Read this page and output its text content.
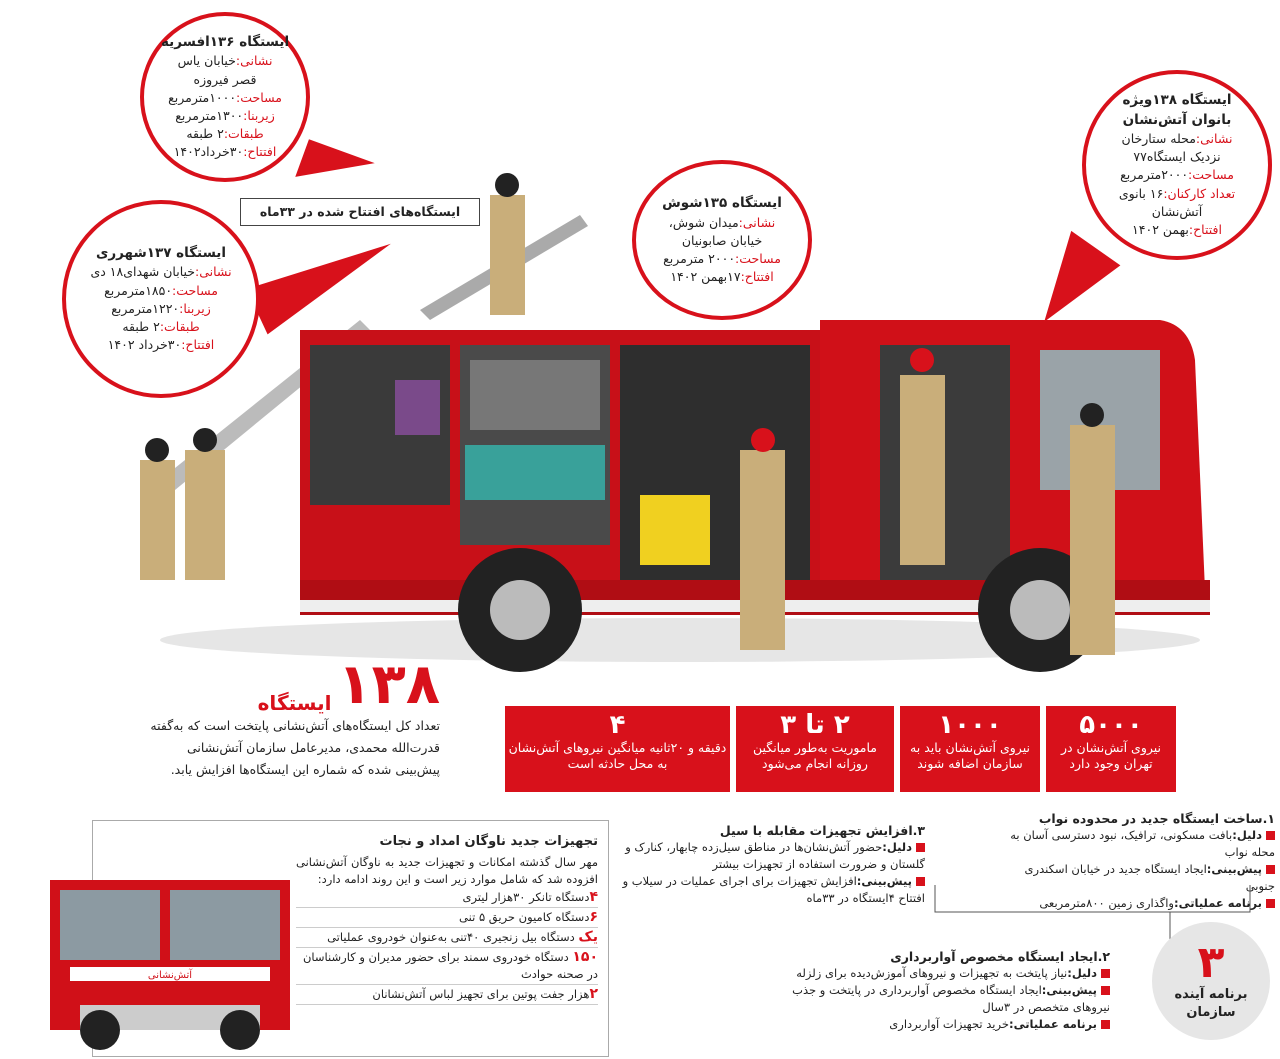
ایستگاه‌های افتتاح شده در ۳۳ماه
ایستگاه ۱۳۶افسریه
نشانی:خیابان یاس
قصر فیروزه
مساحت:۱۰۰۰مترمربع
زیربنا:۱۳۰۰مترمربع
طبقات:۲ طبقه
افتتاح:۳۰خرداد۱۴۰۲
ایستگاه ۱۳۷شهرری
نشانی:خیابان شهدای۱۸ دی
مساحت:۱۸۵۰مترمربع
زیربنا:۱۲۲۰مترمربع
طبقات:۲ طبقه
افتتاح:۳۰خرداد ۱۴۰۲
ایستگاه ۱۳۵شوش
نشانی:میدان شوش،
خیابان صابونیان
مساحت:۲۰۰۰ مترمربع
افتتاح:۱۷بهمن ۱۴۰۲
ایستگاه ۱۳۸ویژه
بانوان آتش‌نشان
نشانی:محله ستارخان
نزدیک ایستگاه۷۷
مساحت:۲۰۰۰مترمربع
تعداد کارکنان:۱۶ بانوی
آتش‌نشان
افتتاح:بهمن ۱۴۰۲
۱۳۸
ایستگاه
تعداد کل ایستگاه‌های آتش‌نشانی پایتخت است که به‌گفته قدرت‌الله محمدی، مدیرعامل سازمان آتش‌نشانی پیش‌بینی شده که شماره این ایستگاه‌ها افزایش یابد.
۵۰۰۰
نیروی آتش‌نشان در تهران وجود دارد
۱۰۰۰
نیروی آتش‌نشان باید به سازمان اضافه شوند
۲ تا ۳
ماموریت به‌طور میانگین روزانه انجام می‌شود
۴
دقیقه و ۲۰ثانیه میانگین نیروهای آتش‌نشان به محل حادثه است
آتش‌نشانی
تجهیزات جدید ناوگان امداد و نجات
مهر سال گذشته امکانات و تجهیزات جدید به ناوگان آتش‌نشانی افزوده شد که شامل موارد زیر است و این روند ادامه دارد:
۴دستگاه تانکر ۳۰هزار لیتری
۶دستگاه کامیون حریق ۵ تنی
یک دستگاه بیل زنجیری ۴۰تنی به‌عنوان خودروی عملیاتی
۱۵۰ دستگاه خودروی سمند برای حضور مدیران و کارشناسان در صحنه حوادث
۲هزار جفت پوتین برای تجهیز لباس آتش‌نشانان
۱.ساخت ایستگاه جدید در محدوده نواب
دلیل:بافت مسکونی، ترافیک، نبود دسترسی آسان به محله نواب
پیش‌بینی:ایجاد ایستگاه جدید در خیابان اسکندری جنوبی
برنامه عملیاتی:واگذاری زمین ۸۰۰مترمربعی
۳.افزایش تجهیزات مقابله با سیل
دلیل:حضور آتش‌نشان‌ها در مناطق سیل‌زده چابهار، کنارک و گلستان و ضرورت استفاده از تجهیزات بیشتر
پیش‌بینی:افزایش تجهیزات برای اجرای عملیات در سیلاب و افتتاح ۴ایستگاه در ۳۳ماه
۲.ایجاد ایستگاه مخصوص آواربرداری
دلیل:نیاز پایتخت به تجهیزات و نیروهای آموزش‌دیده برای زلزله
پیش‌بینی:ایجاد ایستگاه مخصوص آواربرداری در پایتخت و جذب نیروهای متخصص در ۳سال
برنامه عملیاتی:خرید تجهیزات آواربرداری
۳
برنامه آینده سازمان
